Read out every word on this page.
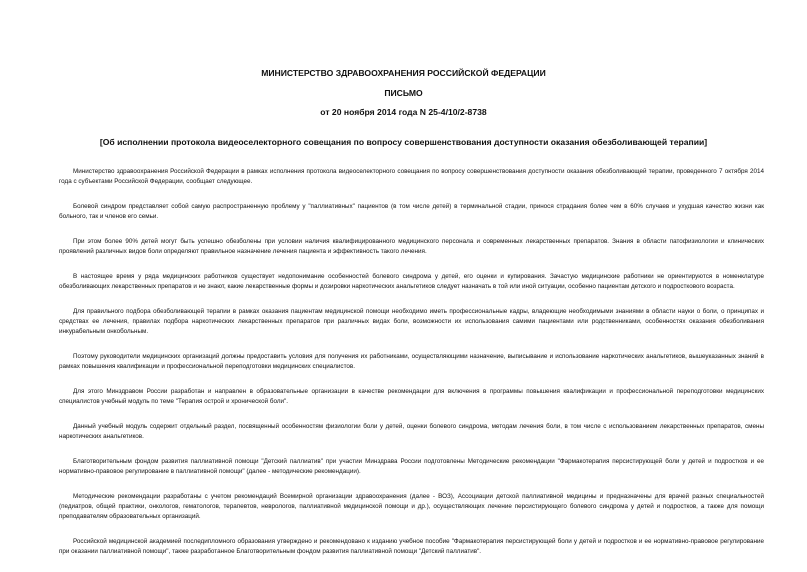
МИНИСТЕРСТВО ЗДРАВООХРАНЕНИЯ РОССИЙСКОЙ ФЕДЕРАЦИИ
ПИСЬМО
от 20 ноября 2014 года N 25-4/10/2-8738
[Об исполнении протокола видеоселекторного совещания по вопросу совершенствования доступности оказания обезболивающей терапии]

Министерство здравоохранения Российской Федерации в рамках исполнения протокола видеоселекторного совещания по вопросу совершенствования доступности оказания обезболивающей терапии, проведенного 7 октября 2014 года с субъектами Российской Федерации, сообщает следующее.

Болевой синдром представляет собой самую распространенную проблему у "паллиативных" пациентов (в том числе детей) в терминальной стадии, принося страдания более чем в 60% случаев и ухудшая качество жизни как больного, так и членов его семьи.

При этом более 90% детей могут быть успешно обезболены при условии наличия квалифицированного медицинского персонала и современных лекарственных препаратов. Знания в области патофизиологии и клинических проявлений различных видов боли определяют правильное назначение лечения пациента и эффективность такого лечения.

В настоящее время у ряда медицинских работников существует недопонимание особенностей болевого синдрома у детей, его оценки и купирования. Зачастую медицинские работники не ориентируются в номенклатуре обезболивающих лекарственных препаратов и не знают, какие лекарственные формы и дозировки наркотических анальгетиков следует назначать в той или иной ситуации, особенно пациентам детского и подросткового возраста.

Для правильного подбора обезболивающей терапии в рамках оказания пациентам медицинской помощи необходимо иметь профессиональные кадры, владеющие необходимыми знаниями в области науки о боли, о принципах и средствах ее лечения, правилах подбора наркотических лекарственных препаратов при различных видах боли, возможности их использования самими пациентами или родственниками, особенностях оказания обезболивания инкурабельным онкобольным.

Поэтому руководители медицинских организаций должны предоставить условия для получения их работниками, осуществляющими назначение, выписывание и использование наркотических анальгетиков, вышеуказанных знаний в рамках повышения квалификации и профессиональной переподготовки медицинских специалистов.

Для этого Минздравом России разработан и направлен в образовательные организации в качестве рекомендации для включения в программы повышения квалификации и профессиональной переподготовки медицинских специалистов учебный модуль по теме "Терапия острой и хронической боли".

Данный учебный модуль содержит отдельный раздел, посвященный особенностям физиологии боли у детей, оценки болевого синдрома, методам лечения боли, в том числе с использованием лекарственных препаратов, смены наркотических анальгетиков.

Благотворительным фондом развития паллиативной помощи "Детский паллиатив" при участии Минздрава России подготовлены Методические рекомендации "Фармакотерапия персистирующей боли у детей и подростков и ее нормативно-правовое регулирование в паллиативной помощи" (далее - методические рекомендации).

Методические рекомендации разработаны с учетом рекомендаций Всемирной организации здравоохранения (далее - ВОЗ), Ассоциации детской паллиативной медицины и предназначены для врачей разных специальностей (педиатров, общей практики, онкологов, гематологов, терапевтов, неврологов, паллиативной медицинской помощи и др.), осуществляющих лечение персистирующего болевого синдрома у детей и подростков, а также для помощи преподавателям образовательных организаций.

Российской медицинской академией последипломного образования утверждено и рекомендовано к изданию учебное пособие "Фармакотерапия персистирующей боли у детей и подростков и ее нормативно-правовое регулирование при оказании паллиативной помощи", также разработанное Благотворительным фондом развития паллиативной помощи "Детский паллиатив".
